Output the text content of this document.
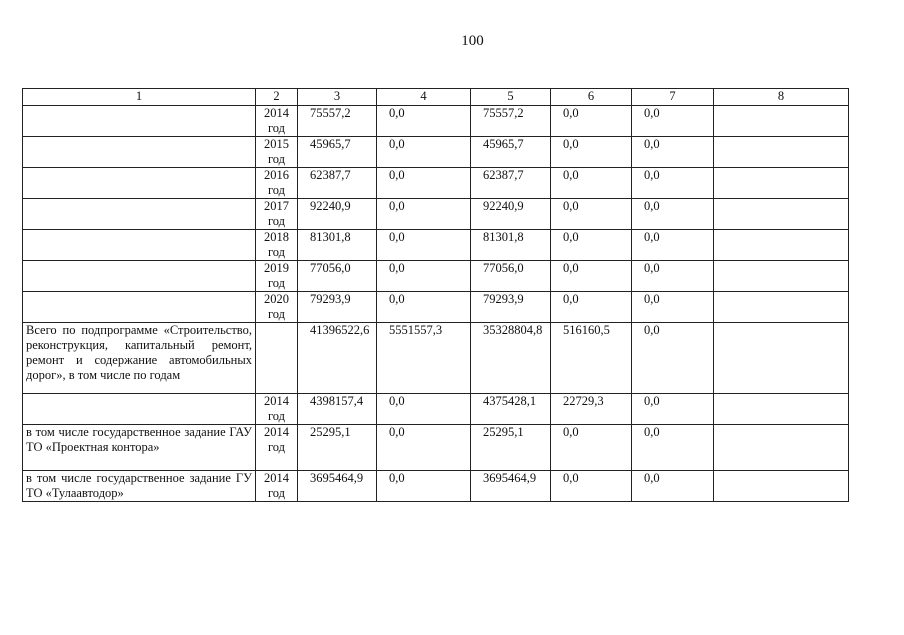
100
1	2	3	4	5	6	7	8
	2014 год	75557,2	0,0	75557,2	0,0	0,0	
	2015 год	45965,7	0,0	45965,7	0,0	0,0	
	2016 год	62387,7	0,0	62387,7	0,0	0,0	
	2017 год	92240,9	0,0	92240,9	0,0	0,0	
	2018 год	81301,8	0,0	81301,8	0,0	0,0	
	2019 год	77056,0	0,0	77056,0	0,0	0,0	
	2020 год	79293,9	0,0	79293,9	0,0	0,0	
Всего по подпрограмме «Строительство, реконструкция, капитальный ремонт, ремонт и содержание автомобильных дорог», в том числе по годам		41396522,6	5551557,3	35328804,8	516160,5	0,0	
	2014 год	4398157,4	0,0	4375428,1	22729,3	0,0	
в том числе государственное задание ГАУ ТО «Проектная контора»	2014 год	25295,1	0,0	25295,1	0,0	0,0	
в том числе государственное задание ГУ ТО «Тулаавтодор»	2014 год	3695464,9	0,0	3695464,9	0,0	0,0	
